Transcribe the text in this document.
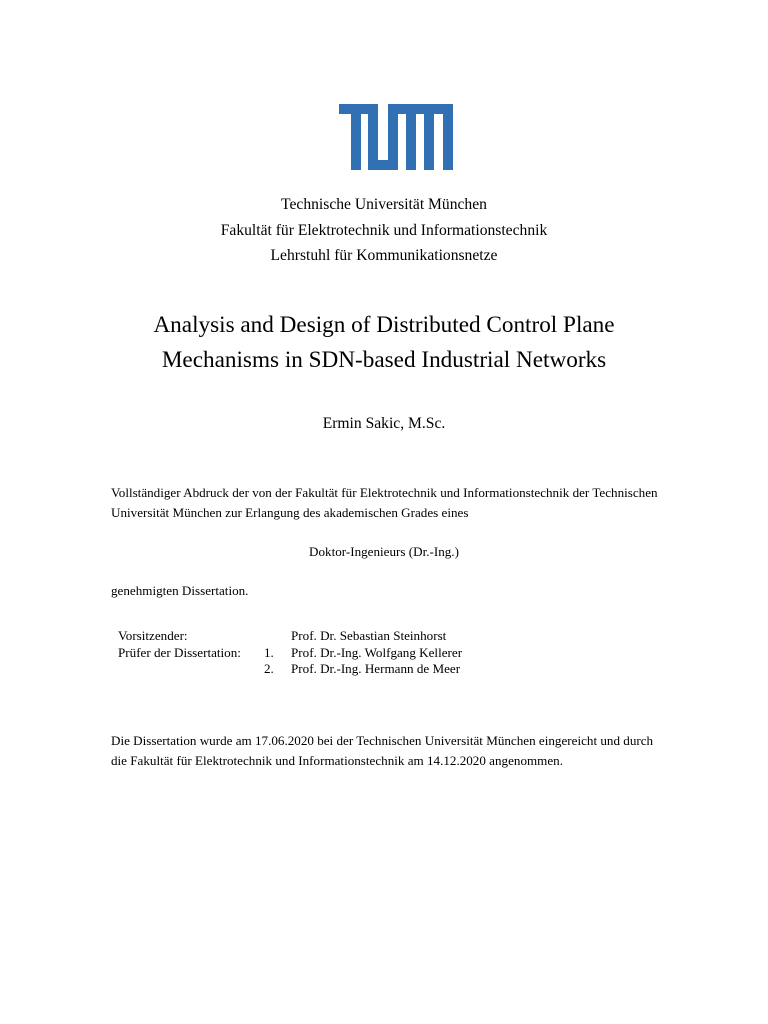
Technische Universität München
Fakultät für Elektrotechnik und Informationstechnik
Lehrstuhl für Kommunikationsnetze
Analysis and Design of Distributed Control Plane
Mechanisms in SDN-based Industrial Networks
Ermin Sakic, M.Sc.
Vollständiger Abdruck der von der Fakultät für Elektrotechnik und Informationstechnik der Technischen
Universität München zur Erlangung des akademischen Grades eines
Doktor-Ingenieurs (Dr.-Ing.)
genehmigten Dissertation.
Vorsitzender:		Prof. Dr. Sebastian Steinhorst
Prüfer der Dissertation:	1.	Prof. Dr.-Ing. Wolfgang Kellerer
	2.	Prof. Dr.-Ing. Hermann de Meer
Die Dissertation wurde am 17.06.2020 bei der Technischen Universität München eingereicht und durch
die Fakultät für Elektrotechnik und Informationstechnik am 14.12.2020 angenommen.
